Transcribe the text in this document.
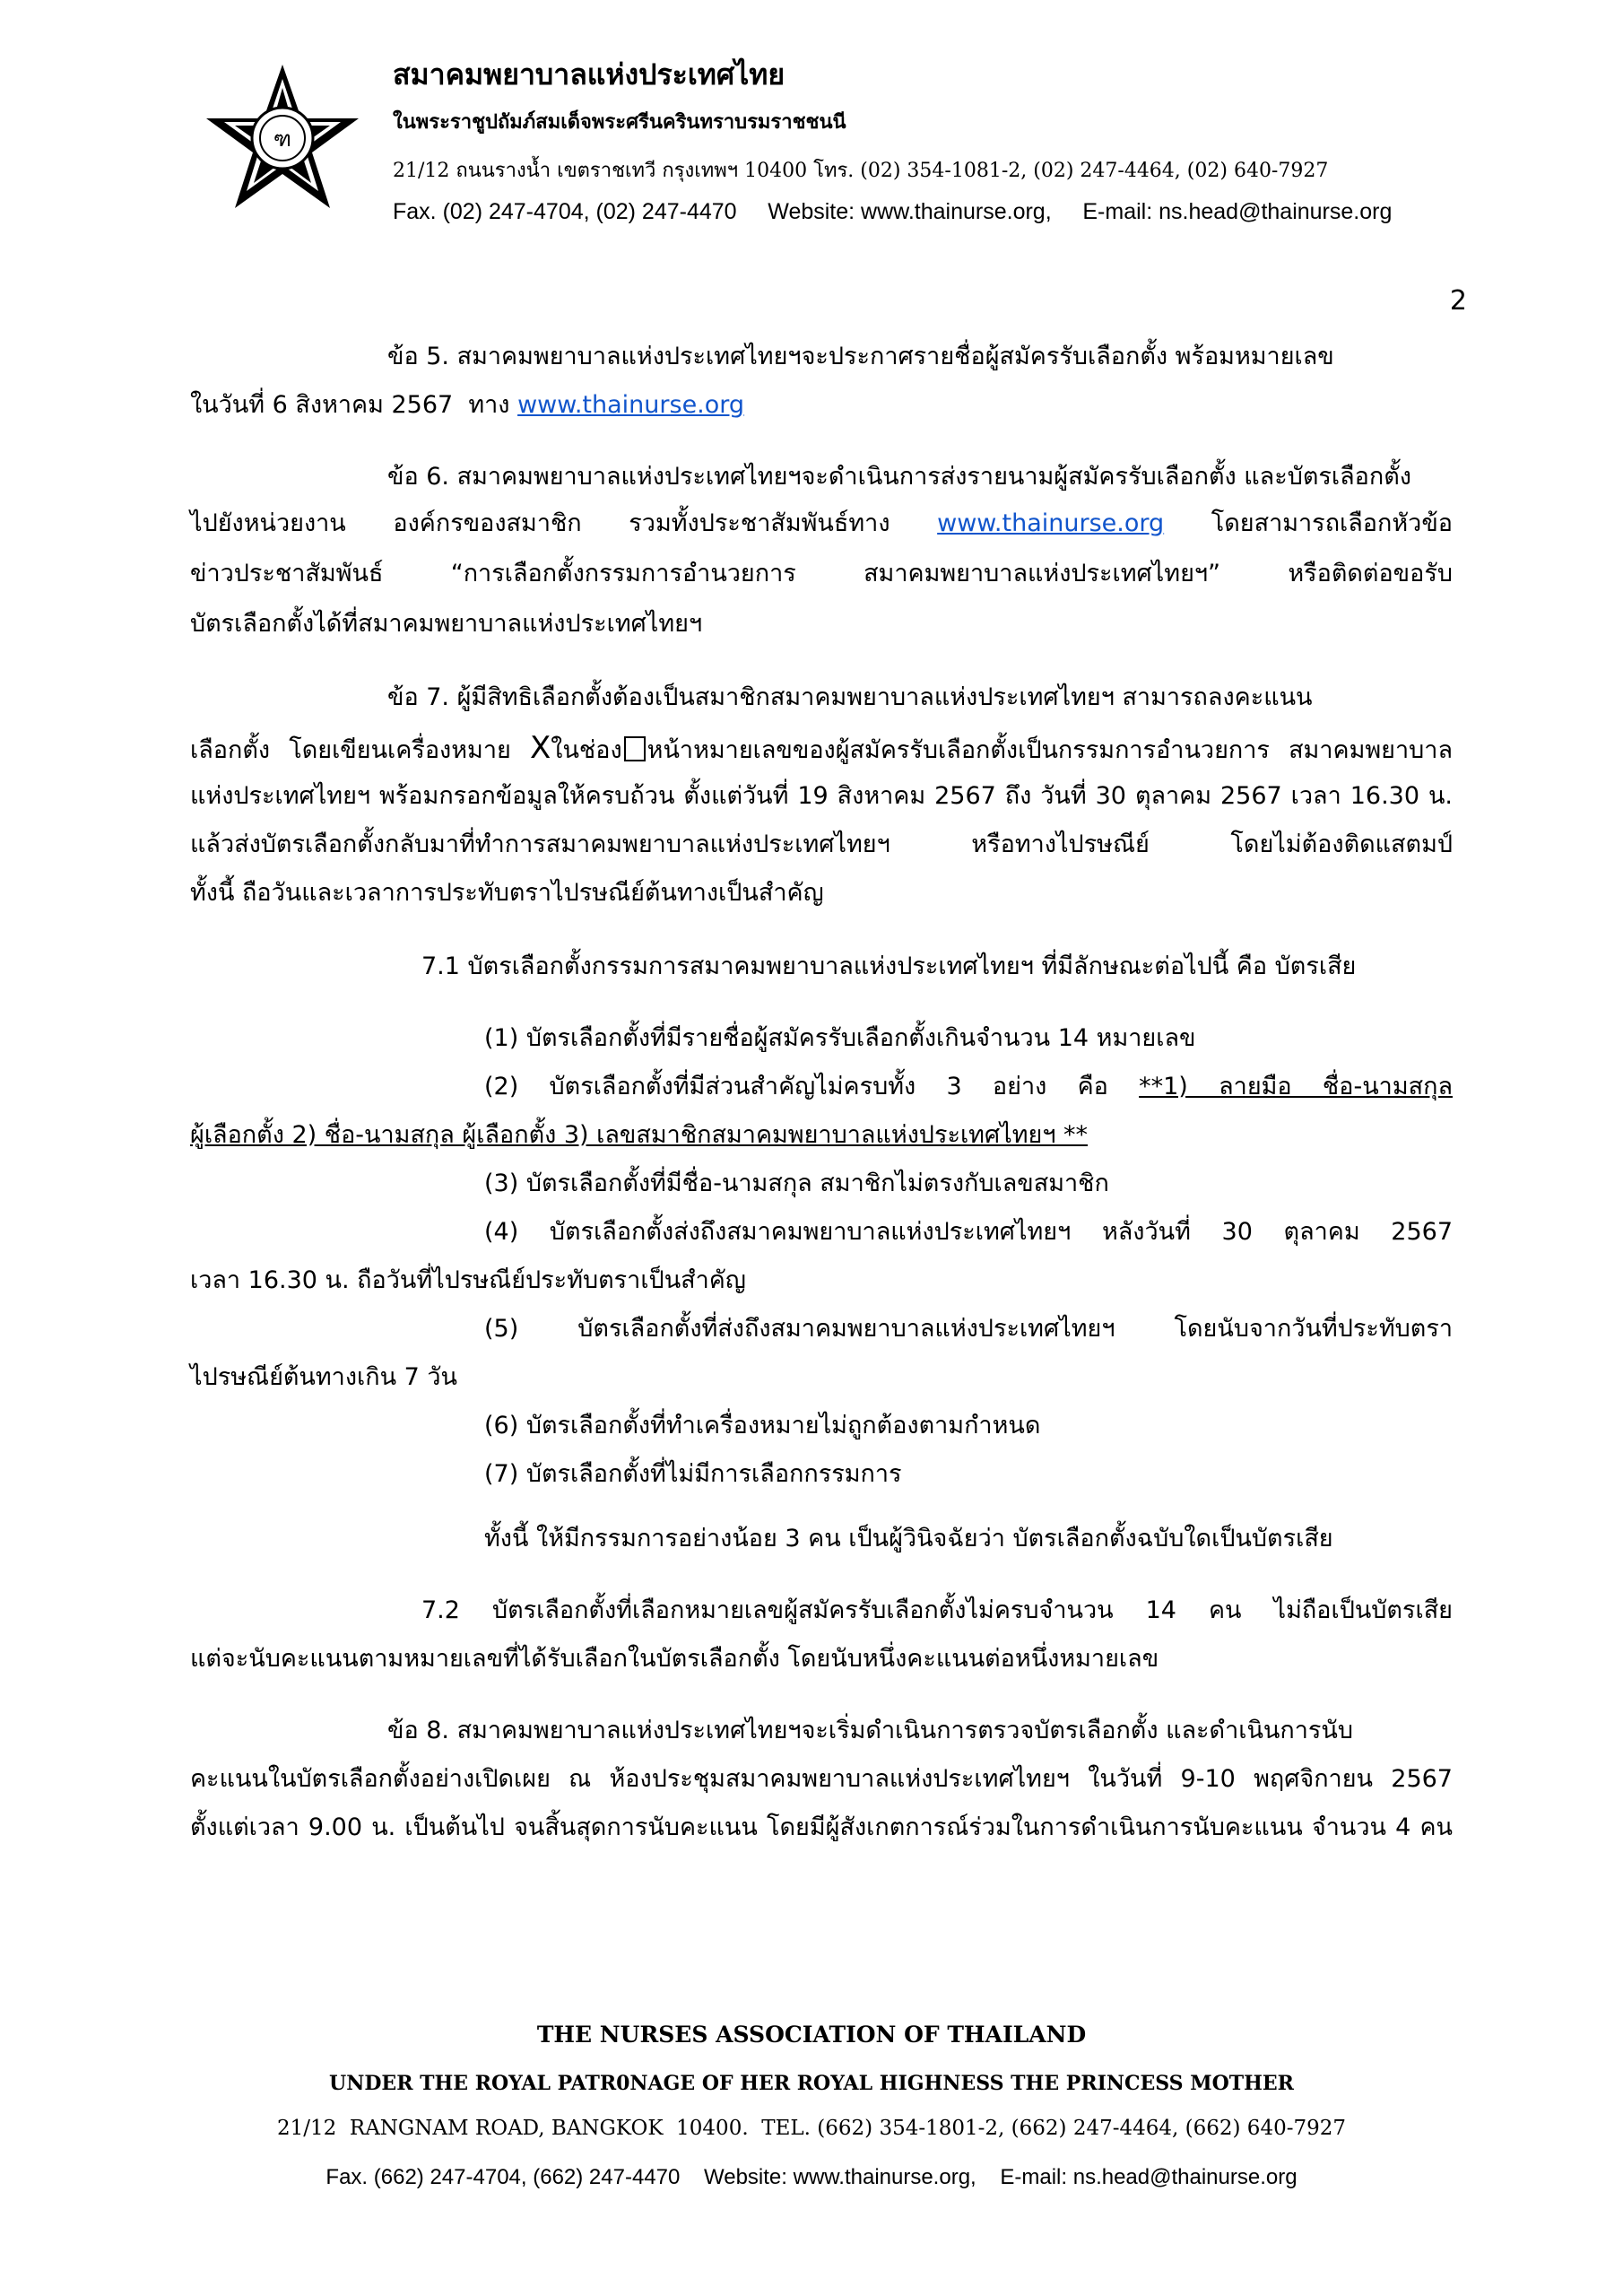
ฑ
สมาคมพยาบาลแห่งประเทศไทย
ในพระราชูปถัมภ์สมเด็จพระศรีนครินทราบรมราชชนนี
21/12 ถนนรางน้ำ เขตราชเทวี กรุงเทพฯ 10400 โทร. (02) 354-1081-2, (02) 247-4464, (02) 640-7927
Fax. (02) 247-4704, (02) 247-4470     Website: www.thainurse.org,     E-mail: ns.head@thainurse.org
2
ข้อ 5. สมาคมพยาบาลแห่งประเทศไทยฯจะประกาศรายชื่อผู้สมัครรับเลือกตั้ง พร้อมหมายเลข
ในวันที่ 6 สิงหาคม 2567  ทาง www.thainurse.org
ข้อ 6. สมาคมพยาบาลแห่งประเทศไทยฯจะดำเนินการส่งรายนามผู้สมัครรับเลือกตั้ง และบัตรเลือกตั้ง
ไปยังหน่วยงาน องค์กรของสมาชิก รวมทั้งประชาสัมพันธ์ทาง www.thainurse.org โดยสามารถเลือกหัวข้อ
ข่าวประชาสัมพันธ์ “การเลือกตั้งกรรมการอำนวยการ สมาคมพยาบาลแห่งประเทศไทยฯ” หรือติดต่อขอรับ
บัตรเลือกตั้งได้ที่สมาคมพยาบาลแห่งประเทศไทยฯ
ข้อ 7. ผู้มีสิทธิเลือกตั้งต้องเป็นสมาชิกสมาคมพยาบาลแห่งประเทศไทยฯ สามารถลงคะแนน
เลือกตั้ง โดยเขียนเครื่องหมาย Xในช่อง หน้าหมายเลขของผู้สมัครรับเลือกตั้งเป็นกรรมการอำนวยการ สมาคมพยาบาล
แห่งประเทศไทยฯ พร้อมกรอกข้อมูลให้ครบถ้วน ตั้งแต่วันที่ 19 สิงหาคม 2567 ถึง วันที่ 30 ตุลาคม 2567 เวลา 16.30 น.
แล้วส่งบัตรเลือกตั้งกลับมาที่ทำการสมาคมพยาบาลแห่งประเทศไทยฯ หรือทางไปรษณีย์ โดยไม่ต้องติดแสตมป์
ทั้งนี้ ถือวันและเวลาการประทับตราไปรษณีย์ต้นทางเป็นสำคัญ
7.1 บัตรเลือกตั้งกรรมการสมาคมพยาบาลแห่งประเทศไทยฯ ที่มีลักษณะต่อไปนี้ คือ บัตรเสีย
(1) บัตรเลือกตั้งที่มีรายชื่อผู้สมัครรับเลือกตั้งเกินจำนวน 14 หมายเลข
(2) บัตรเลือกตั้งที่มีส่วนสำคัญไม่ครบทั้ง 3 อย่าง คือ **1) ลายมือ ชื่อ-นามสกุล
ผู้เลือกตั้ง 2) ชื่อ-นามสกุล ผู้เลือกตั้ง 3) เลขสมาชิกสมาคมพยาบาลแห่งประเทศไทยฯ **
(3) บัตรเลือกตั้งที่มีชื่อ-นามสกุล สมาชิกไม่ตรงกับเลขสมาชิก
(4) บัตรเลือกตั้งส่งถึงสมาคมพยาบาลแห่งประเทศไทยฯ หลังวันที่ 30 ตุลาคม 2567
เวลา 16.30 น. ถือวันที่ไปรษณีย์ประทับตราเป็นสำคัญ
(5) บัตรเลือกตั้งที่ส่งถึงสมาคมพยาบาลแห่งประเทศไทยฯ โดยนับจากวันที่ประทับตรา
ไปรษณีย์ต้นทางเกิน 7 วัน
(6) บัตรเลือกตั้งที่ทำเครื่องหมายไม่ถูกต้องตามกำหนด
(7) บัตรเลือกตั้งที่ไม่มีการเลือกกรรมการ
ทั้งนี้ ให้มีกรรมการอย่างน้อย 3 คน เป็นผู้วินิจฉัยว่า บัตรเลือกตั้งฉบับใดเป็นบัตรเสีย
7.2 บัตรเลือกตั้งที่เลือกหมายเลขผู้สมัครรับเลือกตั้งไม่ครบจำนวน 14 คน ไม่ถือเป็นบัตรเสีย
แต่จะนับคะแนนตามหมายเลขที่ได้รับเลือกในบัตรเลือกตั้ง โดยนับหนึ่งคะแนนต่อหนึ่งหมายเลข
ข้อ 8. สมาคมพยาบาลแห่งประเทศไทยฯจะเริ่มดำเนินการตรวจบัตรเลือกตั้ง และดำเนินการนับ
คะแนนในบัตรเลือกตั้งอย่างเปิดเผย ณ ห้องประชุมสมาคมพยาบาลแห่งประเทศไทยฯ ในวันที่ 9-10 พฤศจิกายน 2567
ตั้งแต่เวลา 9.00 น. เป็นต้นไป จนสิ้นสุดการนับคะแนน โดยมีผู้สังเกตการณ์ร่วมในการดำเนินการนับคะแนน จำนวน 4 คน
THE NURSES ASSOCIATION OF THAILAND
UNDER THE ROYAL PATR0NAGE OF HER ROYAL HIGHNESS THE PRINCESS MOTHER
21/12  RANGNAM ROAD, BANGKOK  10400.  TEL. (662) 354-1801-2, (662) 247-4464, (662) 640-7927
Fax. (662) 247-4704, (662) 247-4470    Website: www.thainurse.org,    E-mail: ns.head@thainurse.org
